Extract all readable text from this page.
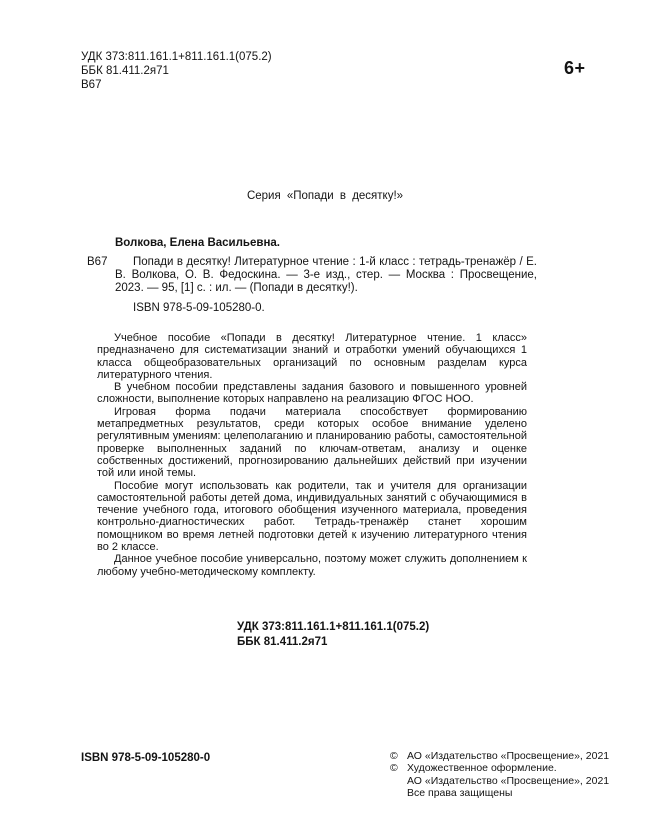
УДК 373:811.161.1+811.161.1(075.2)
ББК 81.411.2я71
В67
6+
Серия «Попади в десятку!»
Волкова, Елена Васильевна.
В67	Попади в десятку! Литературное чтение : 1-й класс : тетрадь-тренажёр / Е. В. Волкова, О. В. Федоскина. — 3-е изд., стер. — Москва : Просвещение, 2023. — 95, [1] с. : ил. — (Попади в десятку!).

ISBN 978-5-09-105280-0.

Учебное пособие «Попади в десятку! Литературное чтение. 1 класс» предназначено для систематизации знаний и отработки умений обучающихся 1 класса общеобразовательных организаций по основным разделам курса литературного чтения.

В учебном пособии представлены задания базового и повышенного уровней сложности, выполнение которых направлено на реализацию ФГОС НОО.

Игровая форма подачи материала способствует формированию метапредметных результатов, среди которых особое внимание уделено регулятивным умениям: целеполаганию и планированию работы, самостоятельной проверке выполненных заданий по ключам-ответам, анализу и оценке собственных достижений, прогнозированию дальнейших действий при изучении той или иной темы.

Пособие могут использовать как родители, так и учителя для организации самостоятельной работы детей дома, индивидуальных занятий с обучающимися в течение учебного года, итогового обобщения изученного материала, проведения контрольно-диагностических работ. Тетрадь-тренажёр станет хорошим помощником во время летней подготовки детей к изучению литературного чтения во 2 классе.

Данное учебное пособие универсально, поэтому может служить дополнением к любому учебно-методическому комплекту.

УДК 373:811.161.1+811.161.1(075.2)
ББК 81.411.2я71
ISBN 978-5-09-105280-0	© АО «Издательство «Просвещение», 2021
© Художественное оформление.
АО «Издательство «Просвещение», 2021
Все права защищены
